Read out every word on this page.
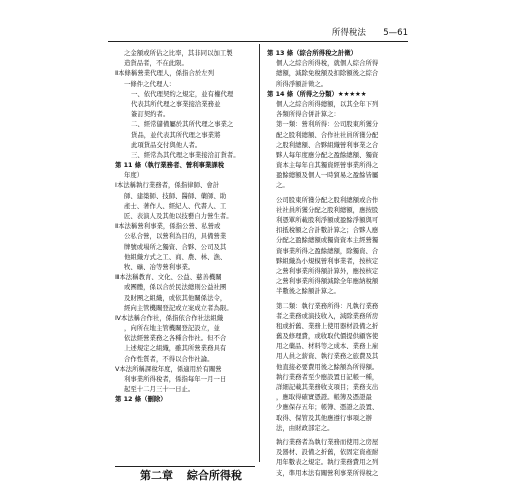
所得稅法 5—61
之金額或所佔之比率，其非同以加工製
造貨品者，不在此限。
Ⅱ本條稱營業代理人，係指合於左列
一條件之代理人：
一、依代理契約之規定，並有權代理
代表其所代理之事業接洽業務並
簽訂契約者。
二、經常儲備屬於其所代理之事業之
貨品，並代表其所代理之事業將
此項貨品交付與他人者。
三、經常為其代理之事業接洽訂貨者。
第 11 條（執行業務者、營利事業課稅
年度）
Ⅰ本法稱執行業務者，係指律師、會計
師、建築師、技師、醫師、藥師、助
產士、著作人、經紀人、代書人、工
匠、表演人及其他以技藝自力營生者。
Ⅱ本法稱營利事業，係指公營、私營或
公私合營，以營利為目的，具備營業
牌號或場所之獨資、合夥、公司及其
他組織方式之工、商、農、林、漁、
牧、礦、冶等營利事業。
Ⅲ本法稱教育、文化、公益、慈善機關
或團體，係以合於民法總則公益社團
及財團之組織，或依其他關係法令，
經向主管機關登記或立案成立者為限。
Ⅳ本法稱合作社，係指依合作社法組織
，向所在地主管機關登記設立，並
依法經營業務之各種合作社。但不合
上述規定之組織，雖其所營業務具有
合作性質者，不得以合作社論。
Ⅴ本法所稱課稅年度，係適用於有關營
利事業所得稅者，係指每年一月一日
起至十二月三十一日止。
第 12 條（刪除）
第 13 條（綜合所得稅之計徵）
個人之綜合所得稅，就個人綜合所得
總額，減除免稅額及扣除額後之綜合
所得淨額計徵之。
第 14 條（所得之分類）★★★★★
個人之綜合所得總額，以其全年下列
各類所得合併計算之：
第一類：營利所得：公司股東所獲分
配之股利總額、合作社社員所獲分配
之股利總額、合夥組織營利事業之合
夥人每年度應分配之盈餘總額、獨資
資本主每年自其獨資經營事業所得之
盈餘總額及個人一時貿易之盈餘皆屬
之。
公司股東所獲分配之股利總額或合作
社社員所獲分配之股利總額，應按股
利憑單所載股利淨額或盈餘淨額與可
扣抵稅額之合計數計算之；合夥人應
分配之盈餘總額或獨資資本主經營獨
資事業所得之盈餘總額，除獨資、合
夥組織為小規模營利事業者，按核定
之營利事業所得額計算外，應按核定
之營利事業所得額減除全年應納稅額
半數後之餘額計算之。
第二類：執行業務所得：凡執行業務
者之業務或演技收入，減除業務所房
租或折舊、業務上使用器材設備之折
舊及修理費，或收取代價提供顧客使
用之藥品、材料等之成本、業務上雇
用人員之薪資、執行業務之旅費及其
他直接必要費用後之餘額為所得額。
執行業務者至少應設置日記帳一種，
詳細記載其業務收支項目；業務支出
，應取得確實憑證。帳簿及憑證最
少應保存五年；帳簿、憑證之設置、
取得、保管及其他應遵行事項之辦
法，由財政部定之。
執行業務者為執行業務而使用之房屋
及器材、設備之折舊，依固定資產耐
用年數表之規定。執行業務費用之列
支，準用本法有關營利事業所得稅之
第二章 綜合所得稅
